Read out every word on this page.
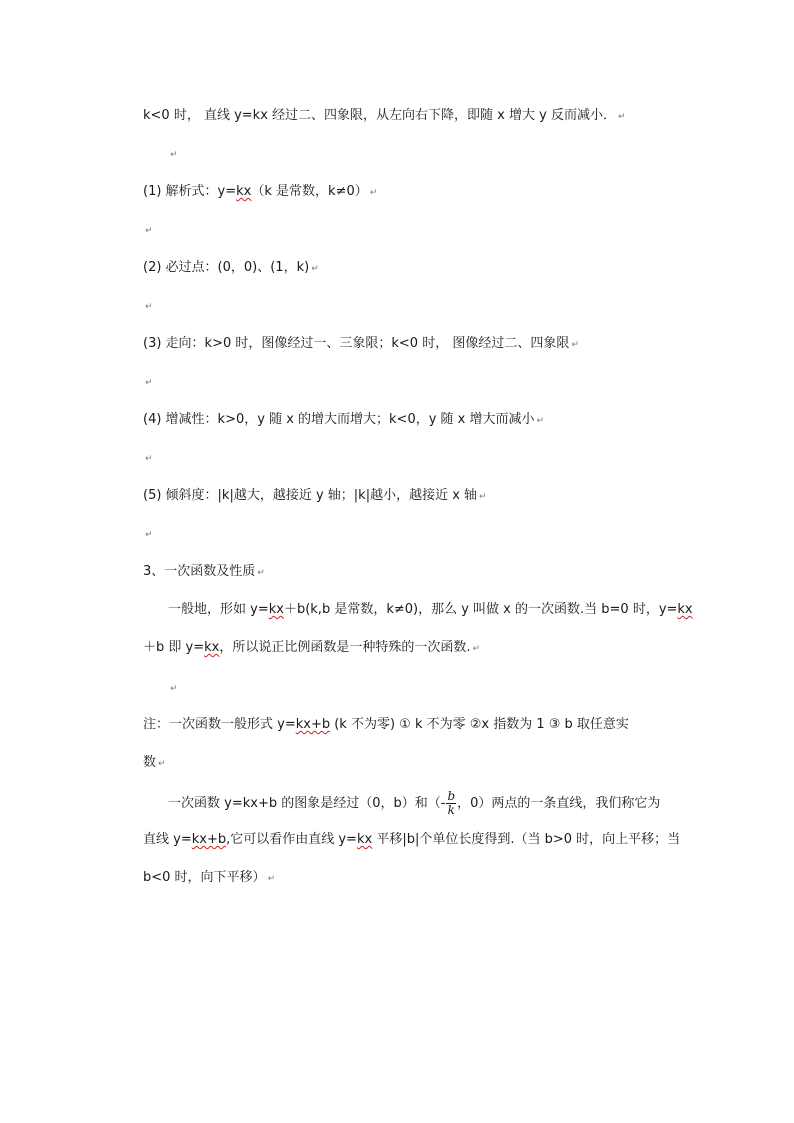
k<0 时， 直线 y=kx 经过二、四象限，从左向右下降，即随 x 增大 y 反而减小． ↵
↵
(1) 解析式：y=kx（k 是常数，k≠0） ↵
↵
(2) 必过点：(0，0)、(1，k) ↵
↵
(3) 走向：k>0 时，图像经过一、三象限；k<0 时， 图像经过二、四象限 ↵
↵
(4) 增减性：k>0，y 随 x 的增大而增大；k<0，y 随 x 增大而减小 ↵
↵
(5) 倾斜度：|k|越大，越接近 y 轴；|k|越小，越接近 x 轴 ↵
↵
3、一次函数及性质 ↵
一般地，形如 y=kx＋b(k,b 是常数，k≠0)，那么 y 叫做 x 的一次函数.当 b=0 时，y=kx
＋b 即 y=kx，所以说正比例函数是一种特殊的一次函数. ↵
↵
注：一次函数一般形式 y=kx+b (k 不为零) ① k 不为零 ②x 指数为 1 ③ b 取任意实
数 ↵
一次函数 y=kx+b 的图象是经过（0，b）和（- $\frac{b}{k}$ ，0）两点的一条直线，我们称它为
直线 y=kx+b,它可以看作由直线 y=kx 平移|b|个单位长度得到.（当 b>0 时，向上平移；当
b<0 时，向下平移） ↵
